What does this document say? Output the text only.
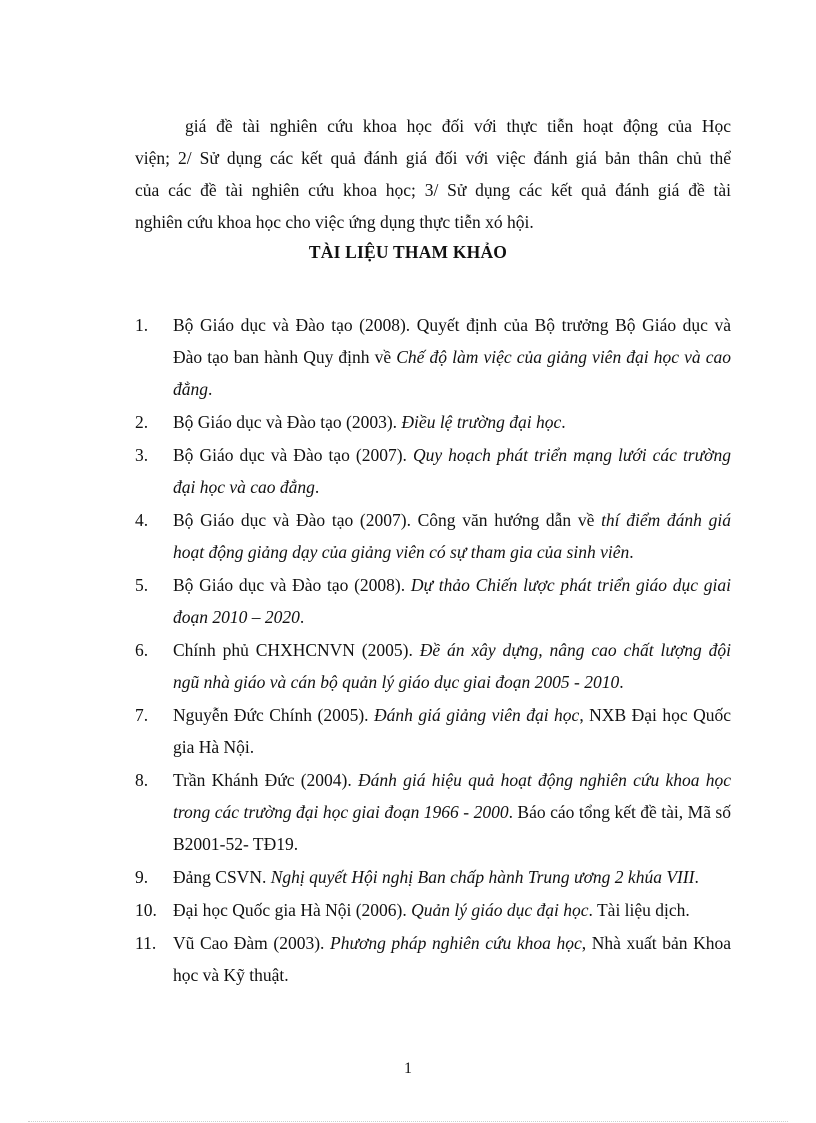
giá đề tài nghiên cứu khoa học đối với thực tiễn hoạt động của Học
viện; 2/ Sử dụng các kết quả đánh giá đối với việc đánh giá bản thân chủ thể
của các đề tài nghiên cứu khoa học; 3/ Sử dụng các kết quả đánh giá đề tài
nghiên cứu khoa học cho việc ứng dụng thực tiễn xó hội.
TÀI LIỆU THAM KHẢO
1. Bộ Giáo dục và Đào tạo (2008). Quyết định của Bộ trưởng Bộ Giáo dục và Đào tạo ban hành Quy định về Chế độ làm việc của giảng viên đại học và cao đẳng.
2. Bộ Giáo dục và Đào tạo (2003). Điều lệ trường đại học.
3. Bộ Giáo dục và Đào tạo (2007). Quy hoạch phát triển mạng lưới các trường đại học và cao đẳng.
4. Bộ Giáo dục và Đào tạo (2007). Công văn hướng dẫn về thí điểm đánh giá hoạt động giảng dạy của giảng viên có sự tham gia của sinh viên.
5. Bộ Giáo dục và Đào tạo (2008). Dự thảo Chiến lược phát triển giáo dục giai đoạn 2010 – 2020.
6. Chính phủ CHXHCNVN (2005). Đề án xây dựng, nâng cao chất lượng đội ngũ nhà giáo và cán bộ quản lý giáo dục giai đoạn 2005 - 2010.
7. Nguyễn Đức Chính (2005). Đánh giá giảng viên đại học, NXB Đại học Quốc gia Hà Nội.
8. Trần Khánh Đức (2004). Đánh giá hiệu quả hoạt động nghiên cứu khoa học trong các trường đại học giai đoạn 1966 - 2000. Báo cáo tổng kết đề tài, Mã số B2001-52- TĐ19.
9. Đảng CSVN. Nghị quyết Hội nghị Ban chấp hành Trung ương 2 khúa VIII.
10. Đại học Quốc gia Hà Nội (2006). Quản lý giáo dục đại học. Tài liệu dịch.
11. Vũ Cao Đàm (2003). Phương pháp nghiên cứu khoa học, Nhà xuất bản Khoa học và Kỹ thuật.
1
